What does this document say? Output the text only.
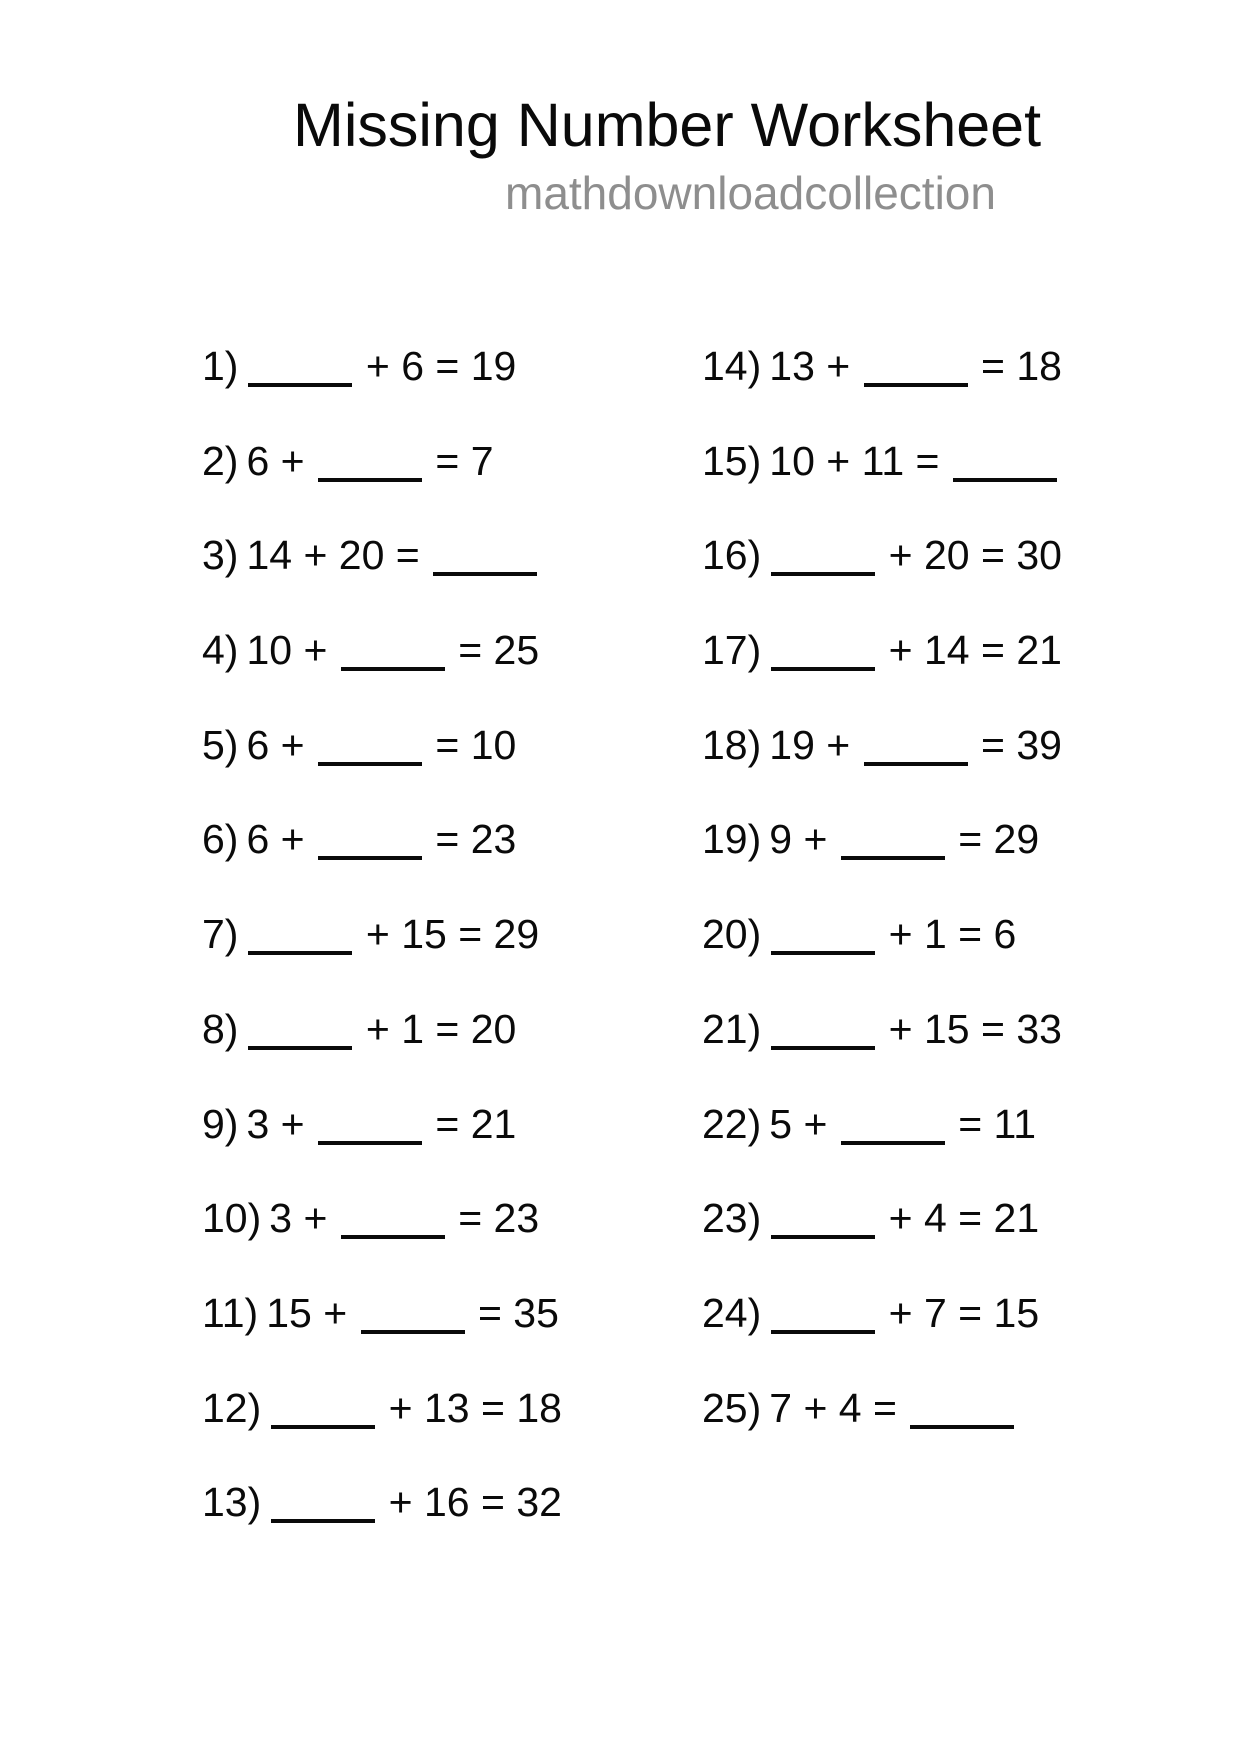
Missing Number Worksheet
mathdownloadcollection
1)	+ 6 = 19
2) 6 +	= 7
3) 14 + 20 =
4) 10 +	= 25
5) 6 +	= 10
6) 6 +	= 23
7)	+ 15 = 29
8)	+ 1 = 20
9) 3 +	= 21
10) 3 +	= 23
11) 15 +	= 35
12)	+ 13 = 18
13)	+ 16 = 32
14) 13 +	= 18
15) 10 + 11 =
16)	+ 20 = 30
17)	+ 14 = 21
18) 19 +	= 39
19) 9 +	= 29
20)	+ 1 = 6
21)	+ 15 = 33
22) 5 +	= 11
23)	+ 4 = 21
24)	+ 7 = 15
25) 7 + 4 =
